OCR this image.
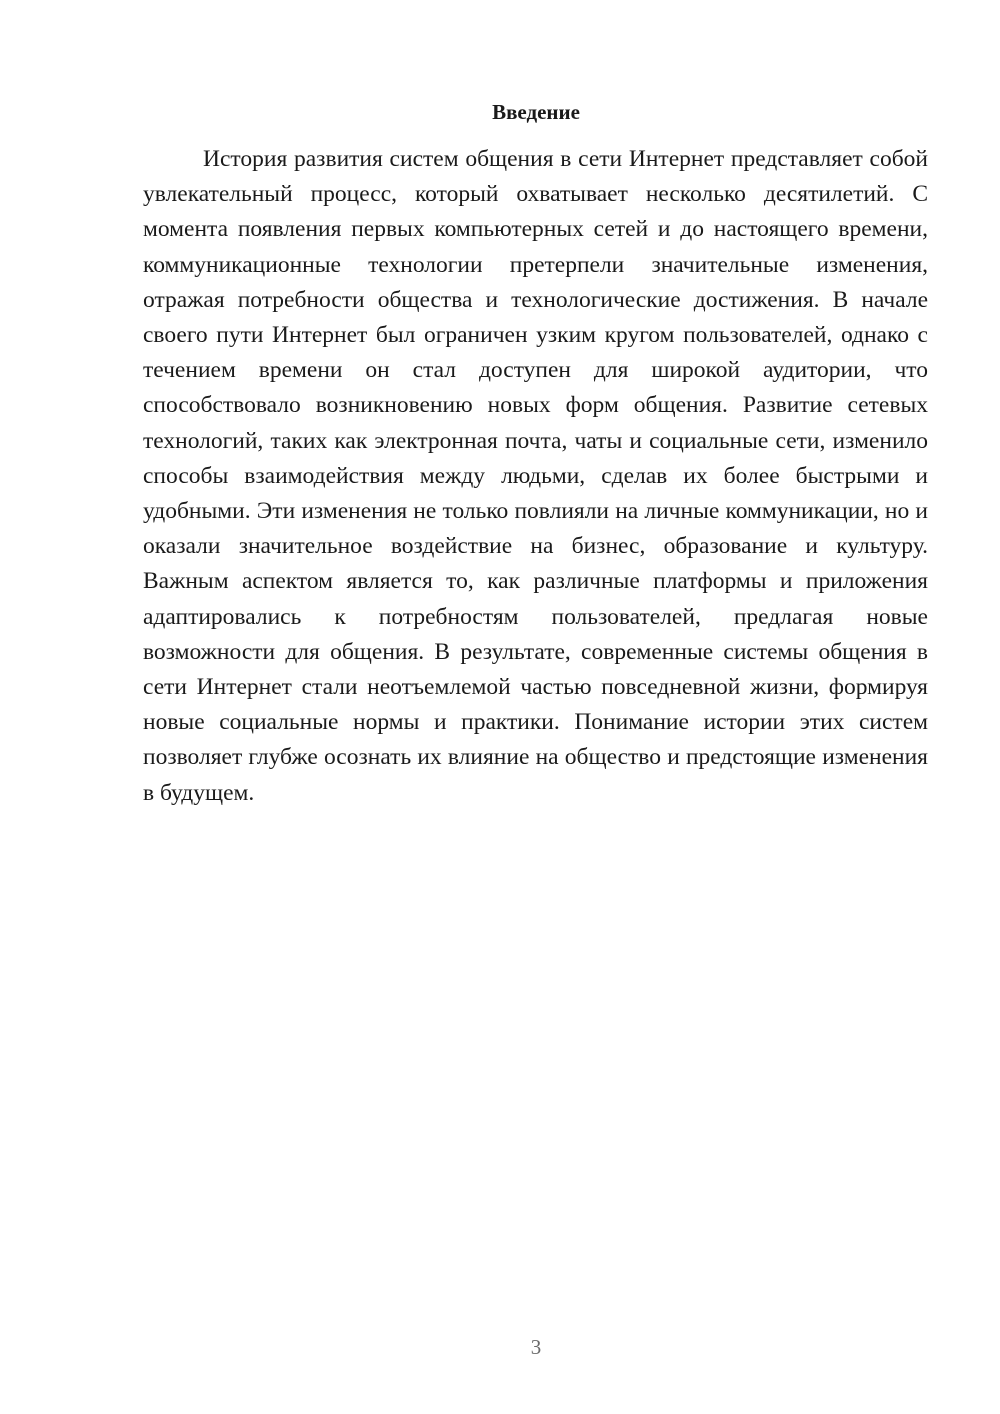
Введение

История развития систем общения в сети Интернет представляет собой увлекательный процесс, который охватывает несколько десятилетий. С момента появления первых компьютерных сетей и до настоящего времени, коммуникационные технологии претерпели значительные изменения, отражая потребности общества и технологические достижения. В начале своего пути Интернет был ограничен узким кругом пользователей, однако с течением времени он стал доступен для широкой аудитории, что способствовало возникновению новых форм общения. Развитие сетевых технологий, таких как электронная почта, чаты и социальные сети, изменило способы взаимодействия между людьми, сделав их более быстрыми и удобными. Эти изменения не только повлияли на личные коммуникации, но и оказали значительное воздействие на бизнес, образование и культуру. Важным аспектом является то, как различные платформы и приложения адаптировались к потребностям пользователей, предлагая новые возможности для общения. В результате, современные системы общения в сети Интернет стали неотъемлемой частью повседневной жизни, формируя новые социальные нормы и практики. Понимание истории этих систем позволяет глубже осознать их влияние на общество и предстоящие изменения в будущем.

3
